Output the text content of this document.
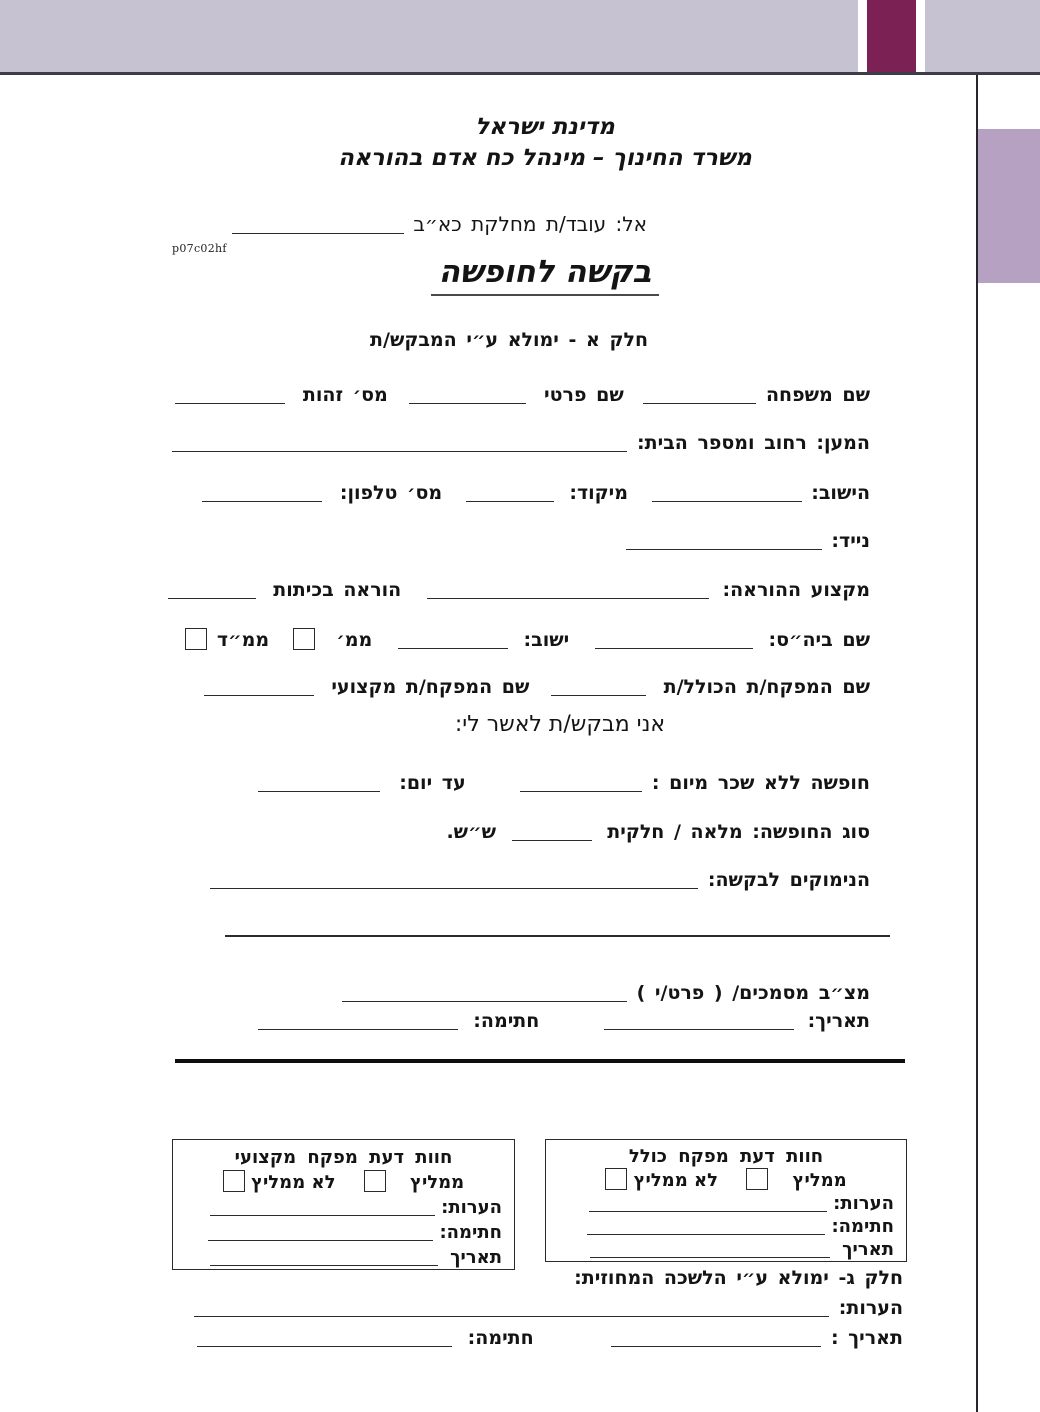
מדינת ישראל
משרד החינוך – מינהל כח אדם בהוראה
אל: עובד/ת מחלקת כא״ב
p07c02hf
בקשה לחופשה
חלק א - ימולא ע״י המבקש/ת
שם משפחה  שם פרטי  מס׳ זהות
המען: רחוב ומספר הבית:
הישוב:  מיקוד:  מס׳ טלפון:
נייד:
מקצוע ההוראה:  הוראה בכיתות
שם ביה״ס:  ישוב:  ממ׳  ממ״ד
שם המפקח/ת הכולל/ת  שם המפקח/ת מקצועי
אני מבקש/ת לאשר לי:
חופשה ללא שכר מיום :  עד יום:
סוג החופשה: מלאה / חלקית  ש״ש.
הנימוקים לבקשה:
מצ״ב מסמכים/ ( פרט/י )
תאריך:  חתימה:
חוות דעת מפקח כולל
ממליץ  לא ממליץ
הערות:
חתימה:
תאריך
חוות דעת מפקח מקצועי
ממליץ  לא ממליץ
הערות:
חתימה:
תאריך
חלק ג- ימולא ע״י הלשכה המחוזית:
הערות:
תאריך :  חתימה:
